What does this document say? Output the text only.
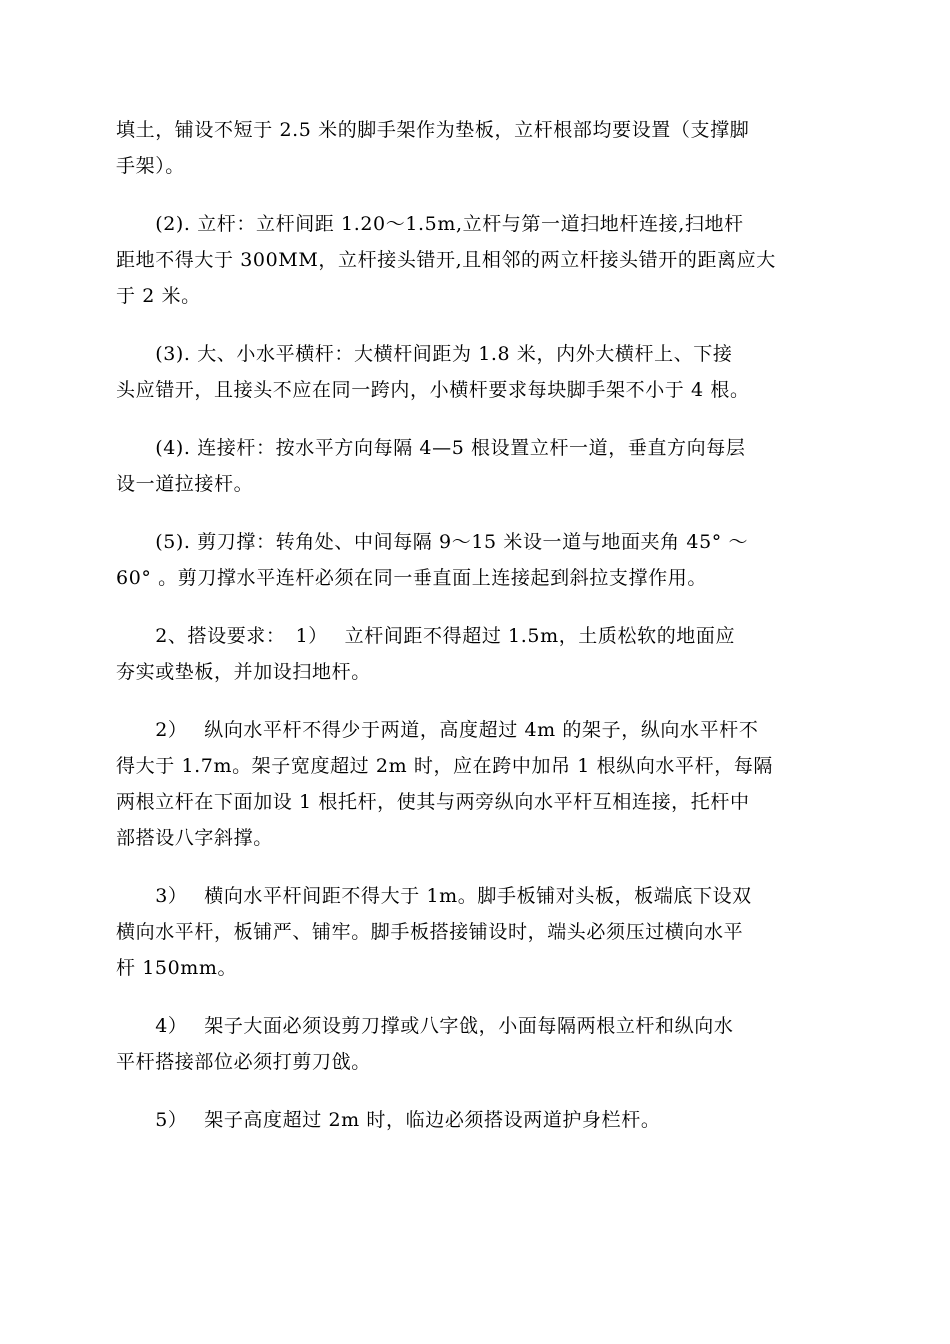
填土，铺设不短于 2.5 米的脚手架作为垫板，立杆根部均要设置（支撑脚
手架）。

　　(2). 立杆：立杆间距 1.20～1.5m,立杆与第一道扫地杆连接,扫地杆
距地不得大于 300MM，立杆接头错开,且相邻的两立杆接头错开的距离应大
于 2 米。

　　(3). 大、小水平横杆：大横杆间距为 1.8 米，内外大横杆上、下接
头应错开，且接头不应在同一跨内，小横杆要求每块脚手架不小于 4 根。

　　(4). 连接杆：按水平方向每隔 4—5 根设置立杆一道，垂直方向每层
设一道拉接杆。

　　(5). 剪刀撑：转角处、中间每隔 9～15 米设一道与地面夹角 45° ～
60° 。剪刀撑水平连杆必须在同一垂直面上连接起到斜拉支撑作用。

　　2、搭设要求：　1）　 立杆间距不得超过 1.5m，土质松软的地面应
夯实或垫板，并加设扫地杆。

　　2）　 纵向水平杆不得少于两道，高度超过 4m 的架子，纵向水平杆不
得大于 1.7m。架子宽度超过 2m 时，应在跨中加吊 1 根纵向水平杆，每隔
两根立杆在下面加设 1 根托杆，使其与两旁纵向水平杆互相连接，托杆中
部搭设八字斜撑。

　　3）　 横向水平杆间距不得大于 1m。脚手板铺对头板，板端底下设双
横向水平杆，板铺严、铺牢。脚手板搭接铺设时，端头必须压过横向水平
杆 150mm。

　　4）　 架子大面必须设剪刀撑或八字戗，小面每隔两根立杆和纵向水
平杆搭接部位必须打剪刀戗。

　　5）　 架子高度超过 2m 时，临边必须搭设两道护身栏杆。
